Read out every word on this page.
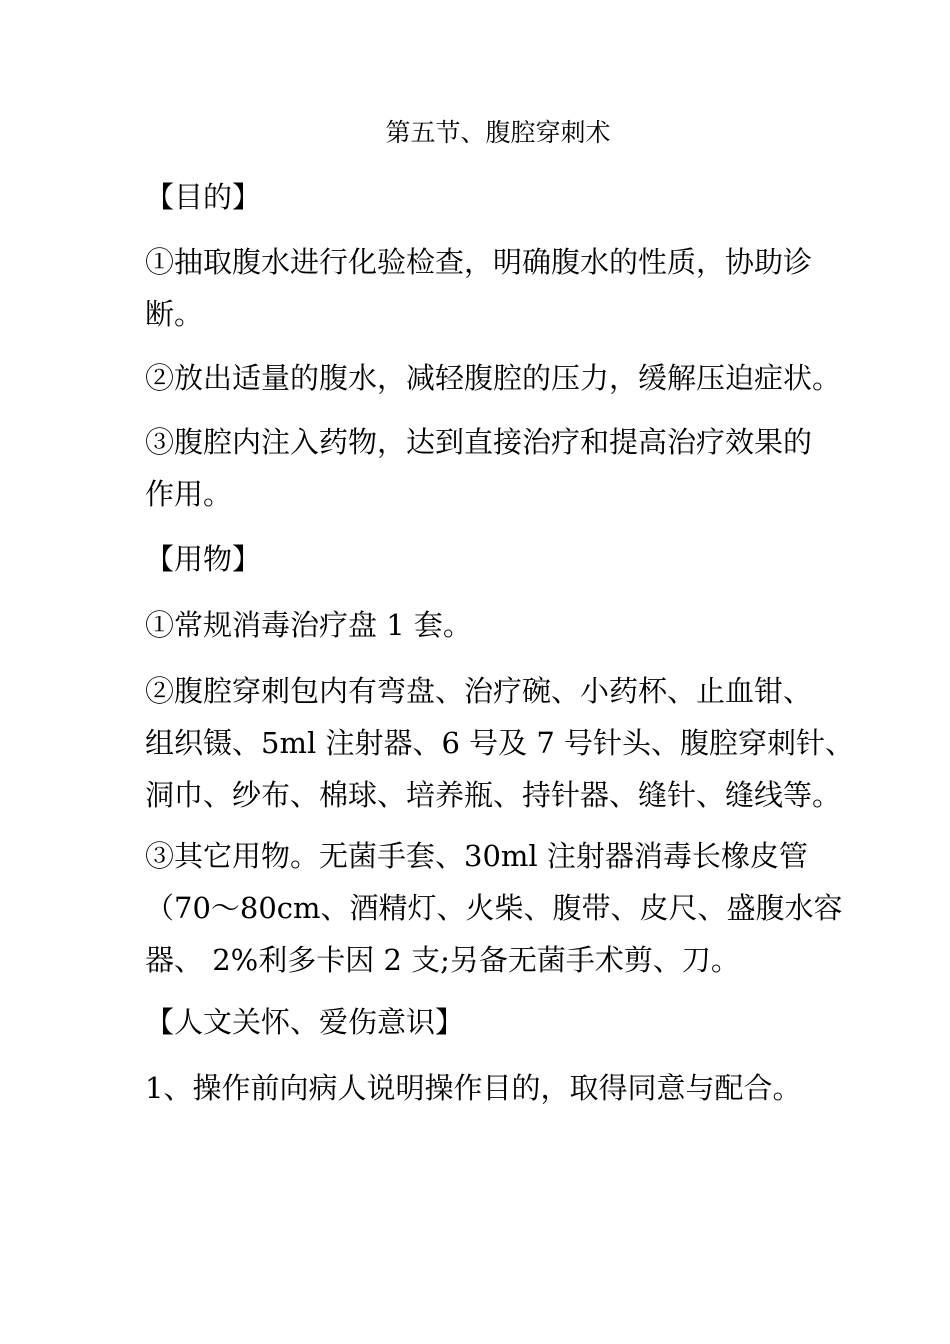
第五节、腹腔穿刺术
【目的】
①抽取腹水进行化验检查，明确腹水的性质，协助诊
断。
②放出适量的腹水，减轻腹腔的压力，缓解压迫症状。
③腹腔内注入药物，达到直接治疗和提高治疗效果的
作用。
【用物】
①常规消毒治疗盘 1 套。
②腹腔穿刺包内有弯盘、治疗碗、小药杯、止血钳、
组织镊、5ml 注射器、6 号及 7 号针头、腹腔穿刺针、
洞巾、纱布、棉球、培养瓶、持针器、缝针、缝线等。
③其它用物。无菌手套、30ml 注射器消毒长橡皮管
（70～80cm、酒精灯、火柴、腹带、皮尺、盛腹水容
器、 2%利多卡因 2 支;另备无菌手术剪、刀。
【人文关怀、爱伤意识】
1、操作前向病人说明操作目的，取得同意与配合。
